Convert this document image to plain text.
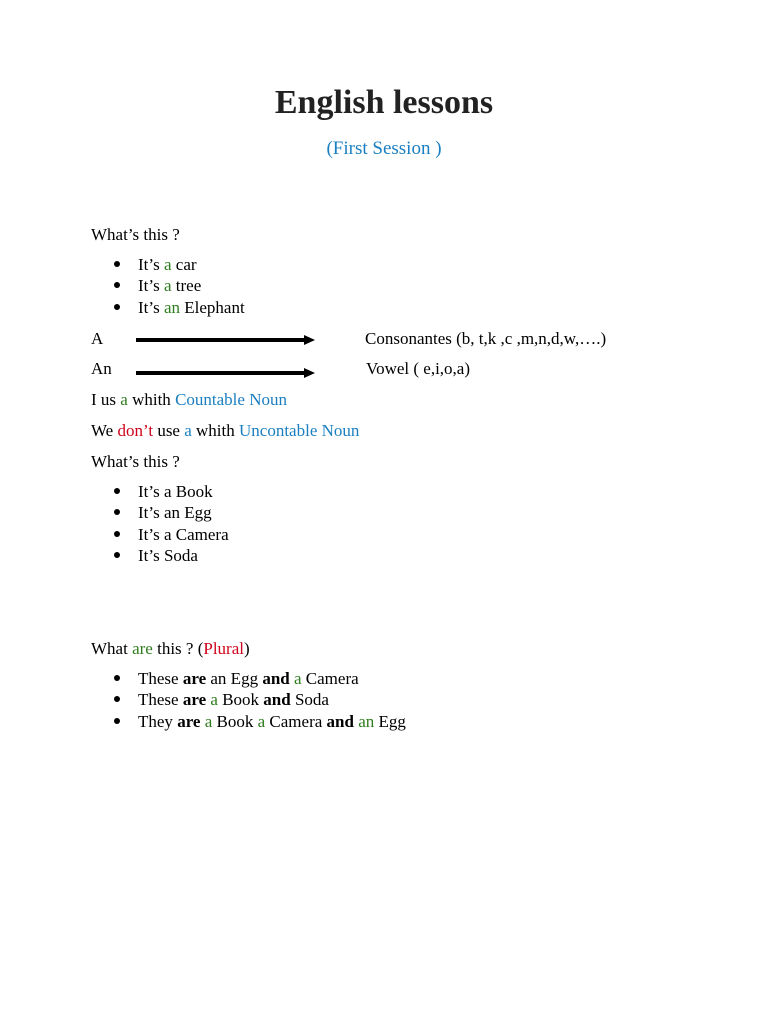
English lessons
(First Session )
What’s this ?
It’s a car
It’s a tree
It’s an Elephant
A	Consonantes (b, t,k ,c ,m,n,d,w,….)
An	Vowel ( e,i,o,a)
I us a whith Countable Noun
We don’t use a whith Uncontable Noun
What’s this ?
It’s a Book
It’s an Egg
It’s a Camera
It’s Soda
What are this ? (Plural)
These are an Egg and a Camera
These are a Book and Soda
They are a Book a Camera and an Egg
